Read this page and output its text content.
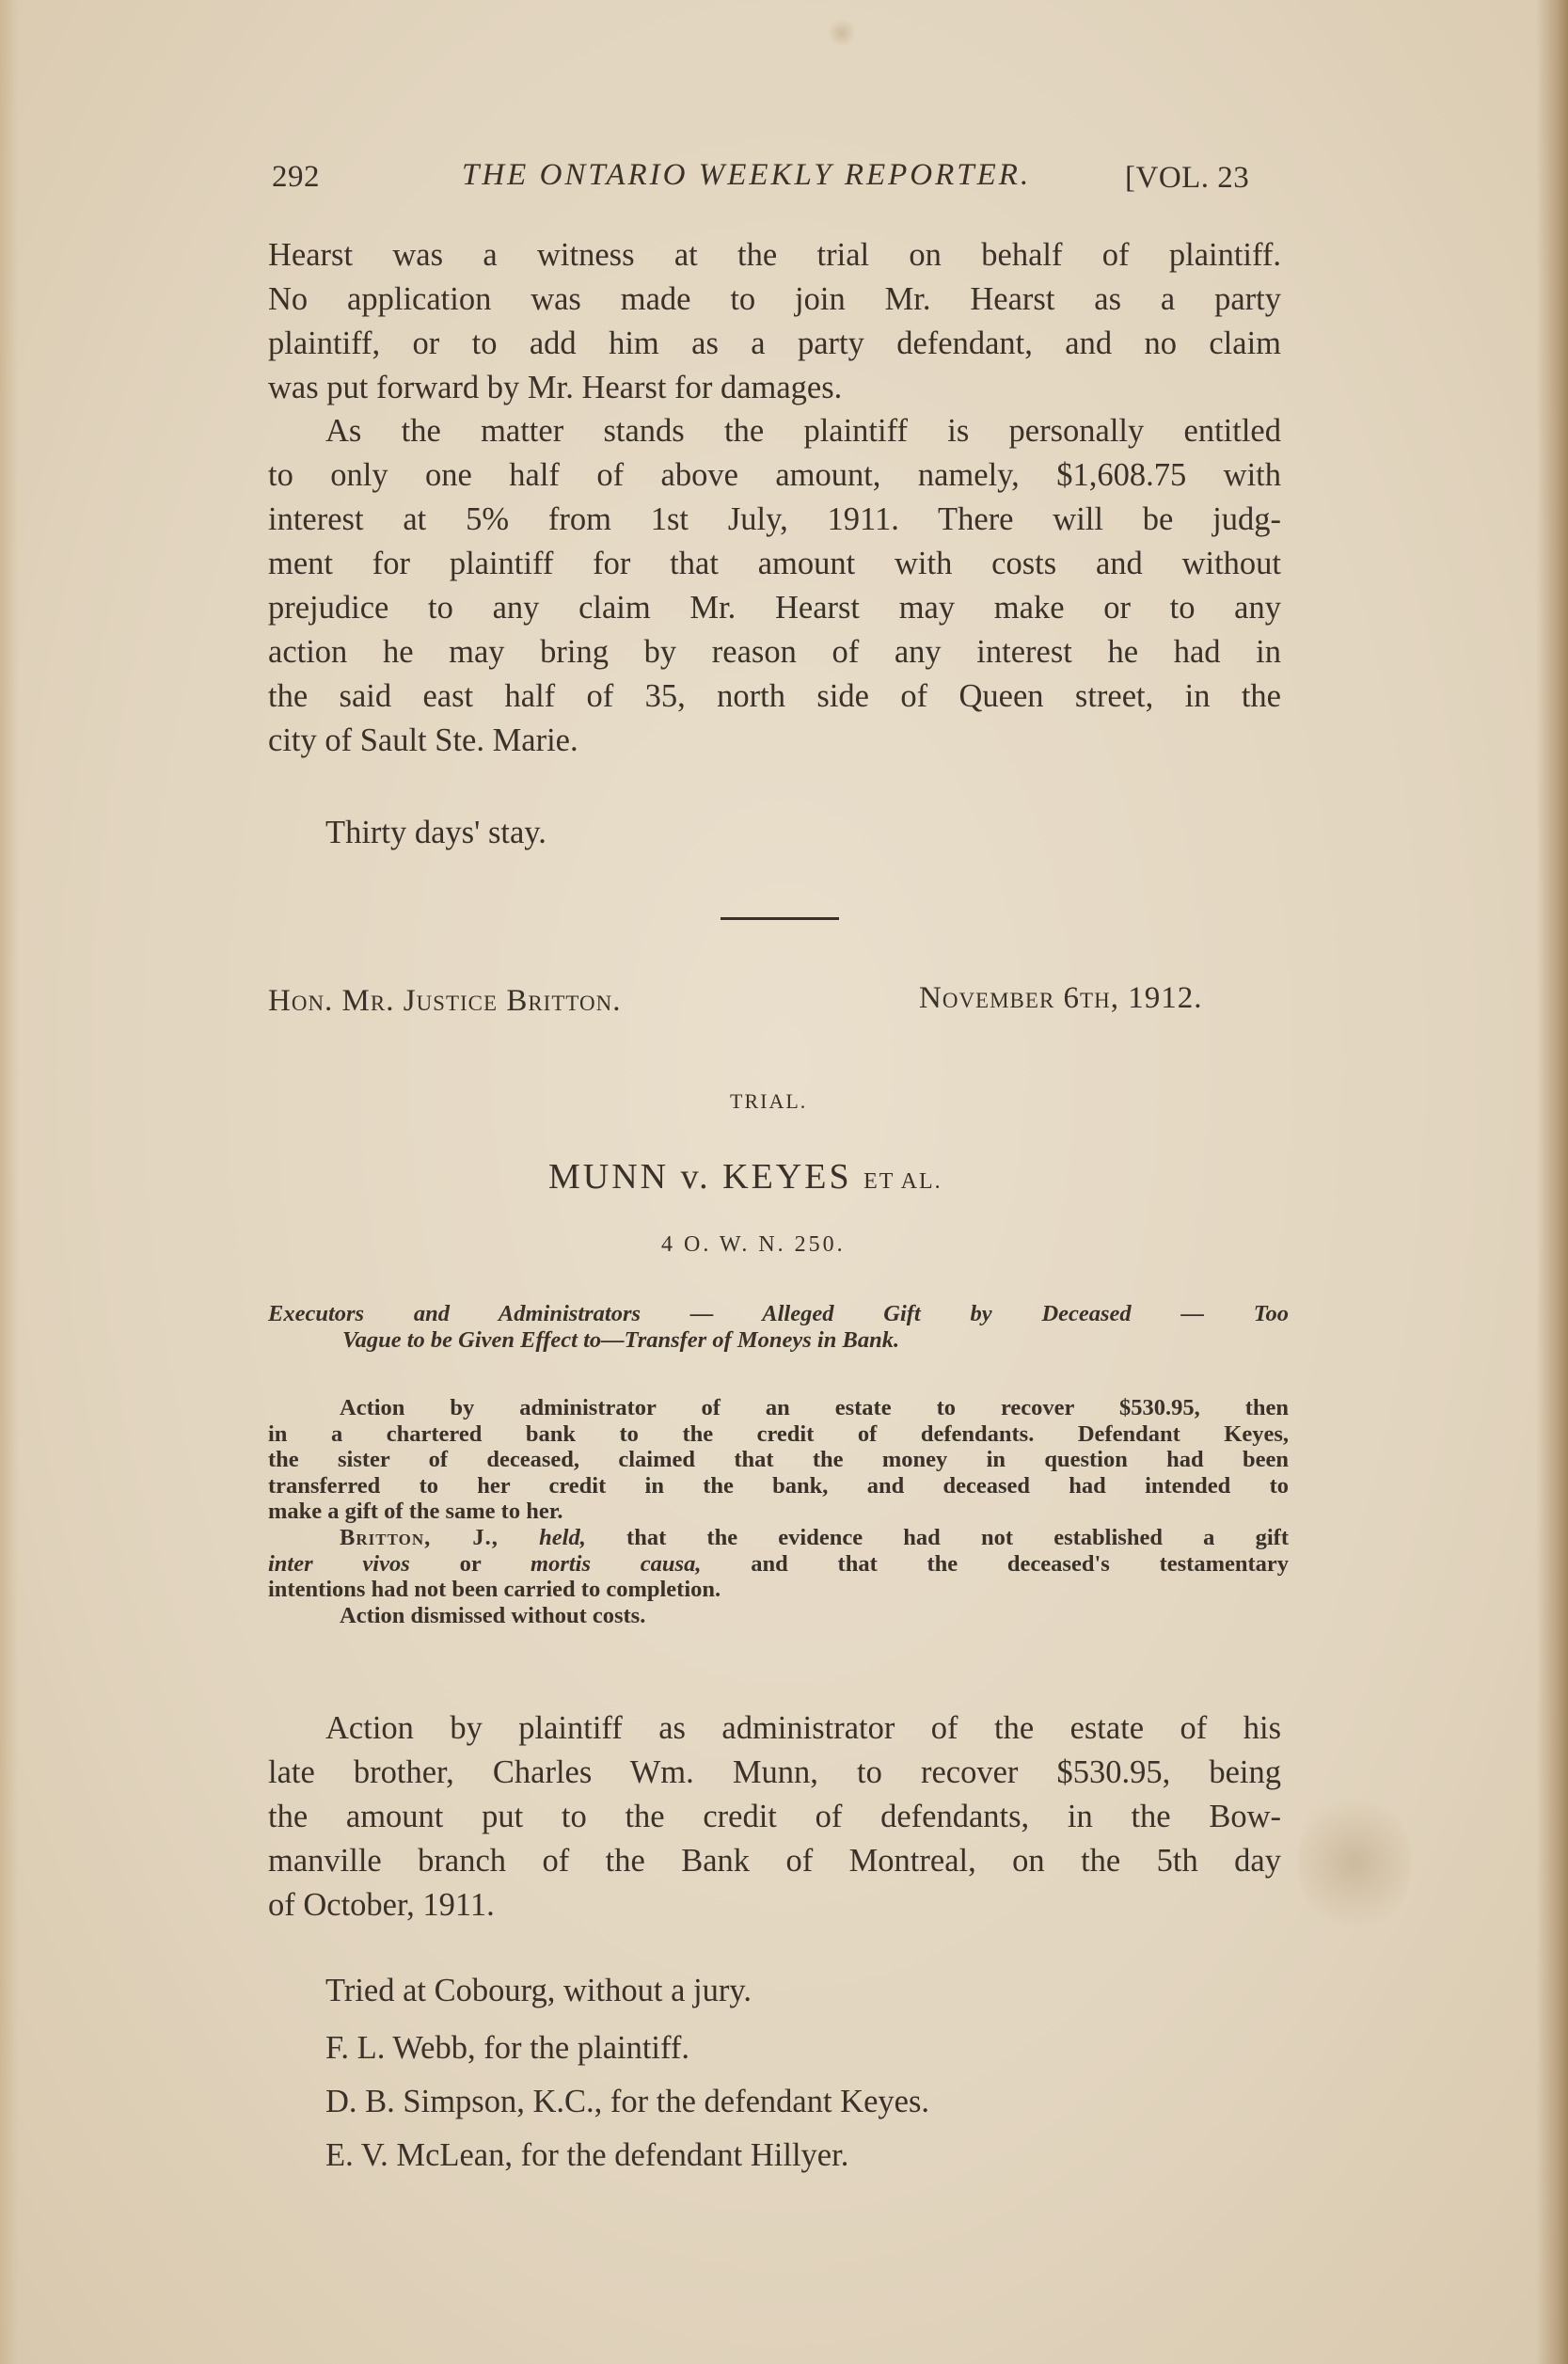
292	THE ONTARIO WEEKLY REPORTER.	[VOL. 23

Hearst was a witness at the trial on behalf of plaintiff.

No application was made to join Mr. Hearst as a party

plaintiff, or to add him as a party defendant, and no claim

was put forward by Mr. Hearst for damages.

As the matter stands the plaintiff is personally entitled

to only one half of above amount, namely, $1,608.75 with

interest at 5% from 1st July, 1911. There will be judg-

ment for plaintiff for that amount with costs and without

prejudice to any claim Mr. Hearst may make or to any

action he may bring by reason of any interest he had in

the said east half of 35, north side of Queen street, in the

city of Sault Ste. Marie.

Thirty days' stay.
Hon. Mr. Justice Britton.	November 6th, 1912.
TRIAL.
MUNN v. KEYES ET AL.
4 O. W. N. 250.
Executors and Administrators — Alleged Gift by Deceased — Too
Vague to be Given Effect to—Transfer of Moneys in Bank.

Action by administrator of an estate to recover $530.95, then

in a chartered bank to the credit of defendants. Defendant Keyes,

the sister of deceased, claimed that the money in question had been

transferred to her credit in the bank, and deceased had intended to

make a gift of the same to her.

Britton, J., held, that the evidence had not established a gift

inter vivos or mortis causa, and that the deceased's testamentary

intentions had not been carried to completion.

Action dismissed without costs.

Action by plaintiff as administrator of the estate of his

late brother, Charles Wm. Munn, to recover $530.95, being

the amount put to the credit of defendants, in the Bow-

manville branch of the Bank of Montreal, on the 5th day

of October, 1911.

Tried at Cobourg, without a jury.
F. L. Webb, for the plaintiff.
D. B. Simpson, K.C., for the defendant Keyes.
E. V. McLean, for the defendant Hillyer.
